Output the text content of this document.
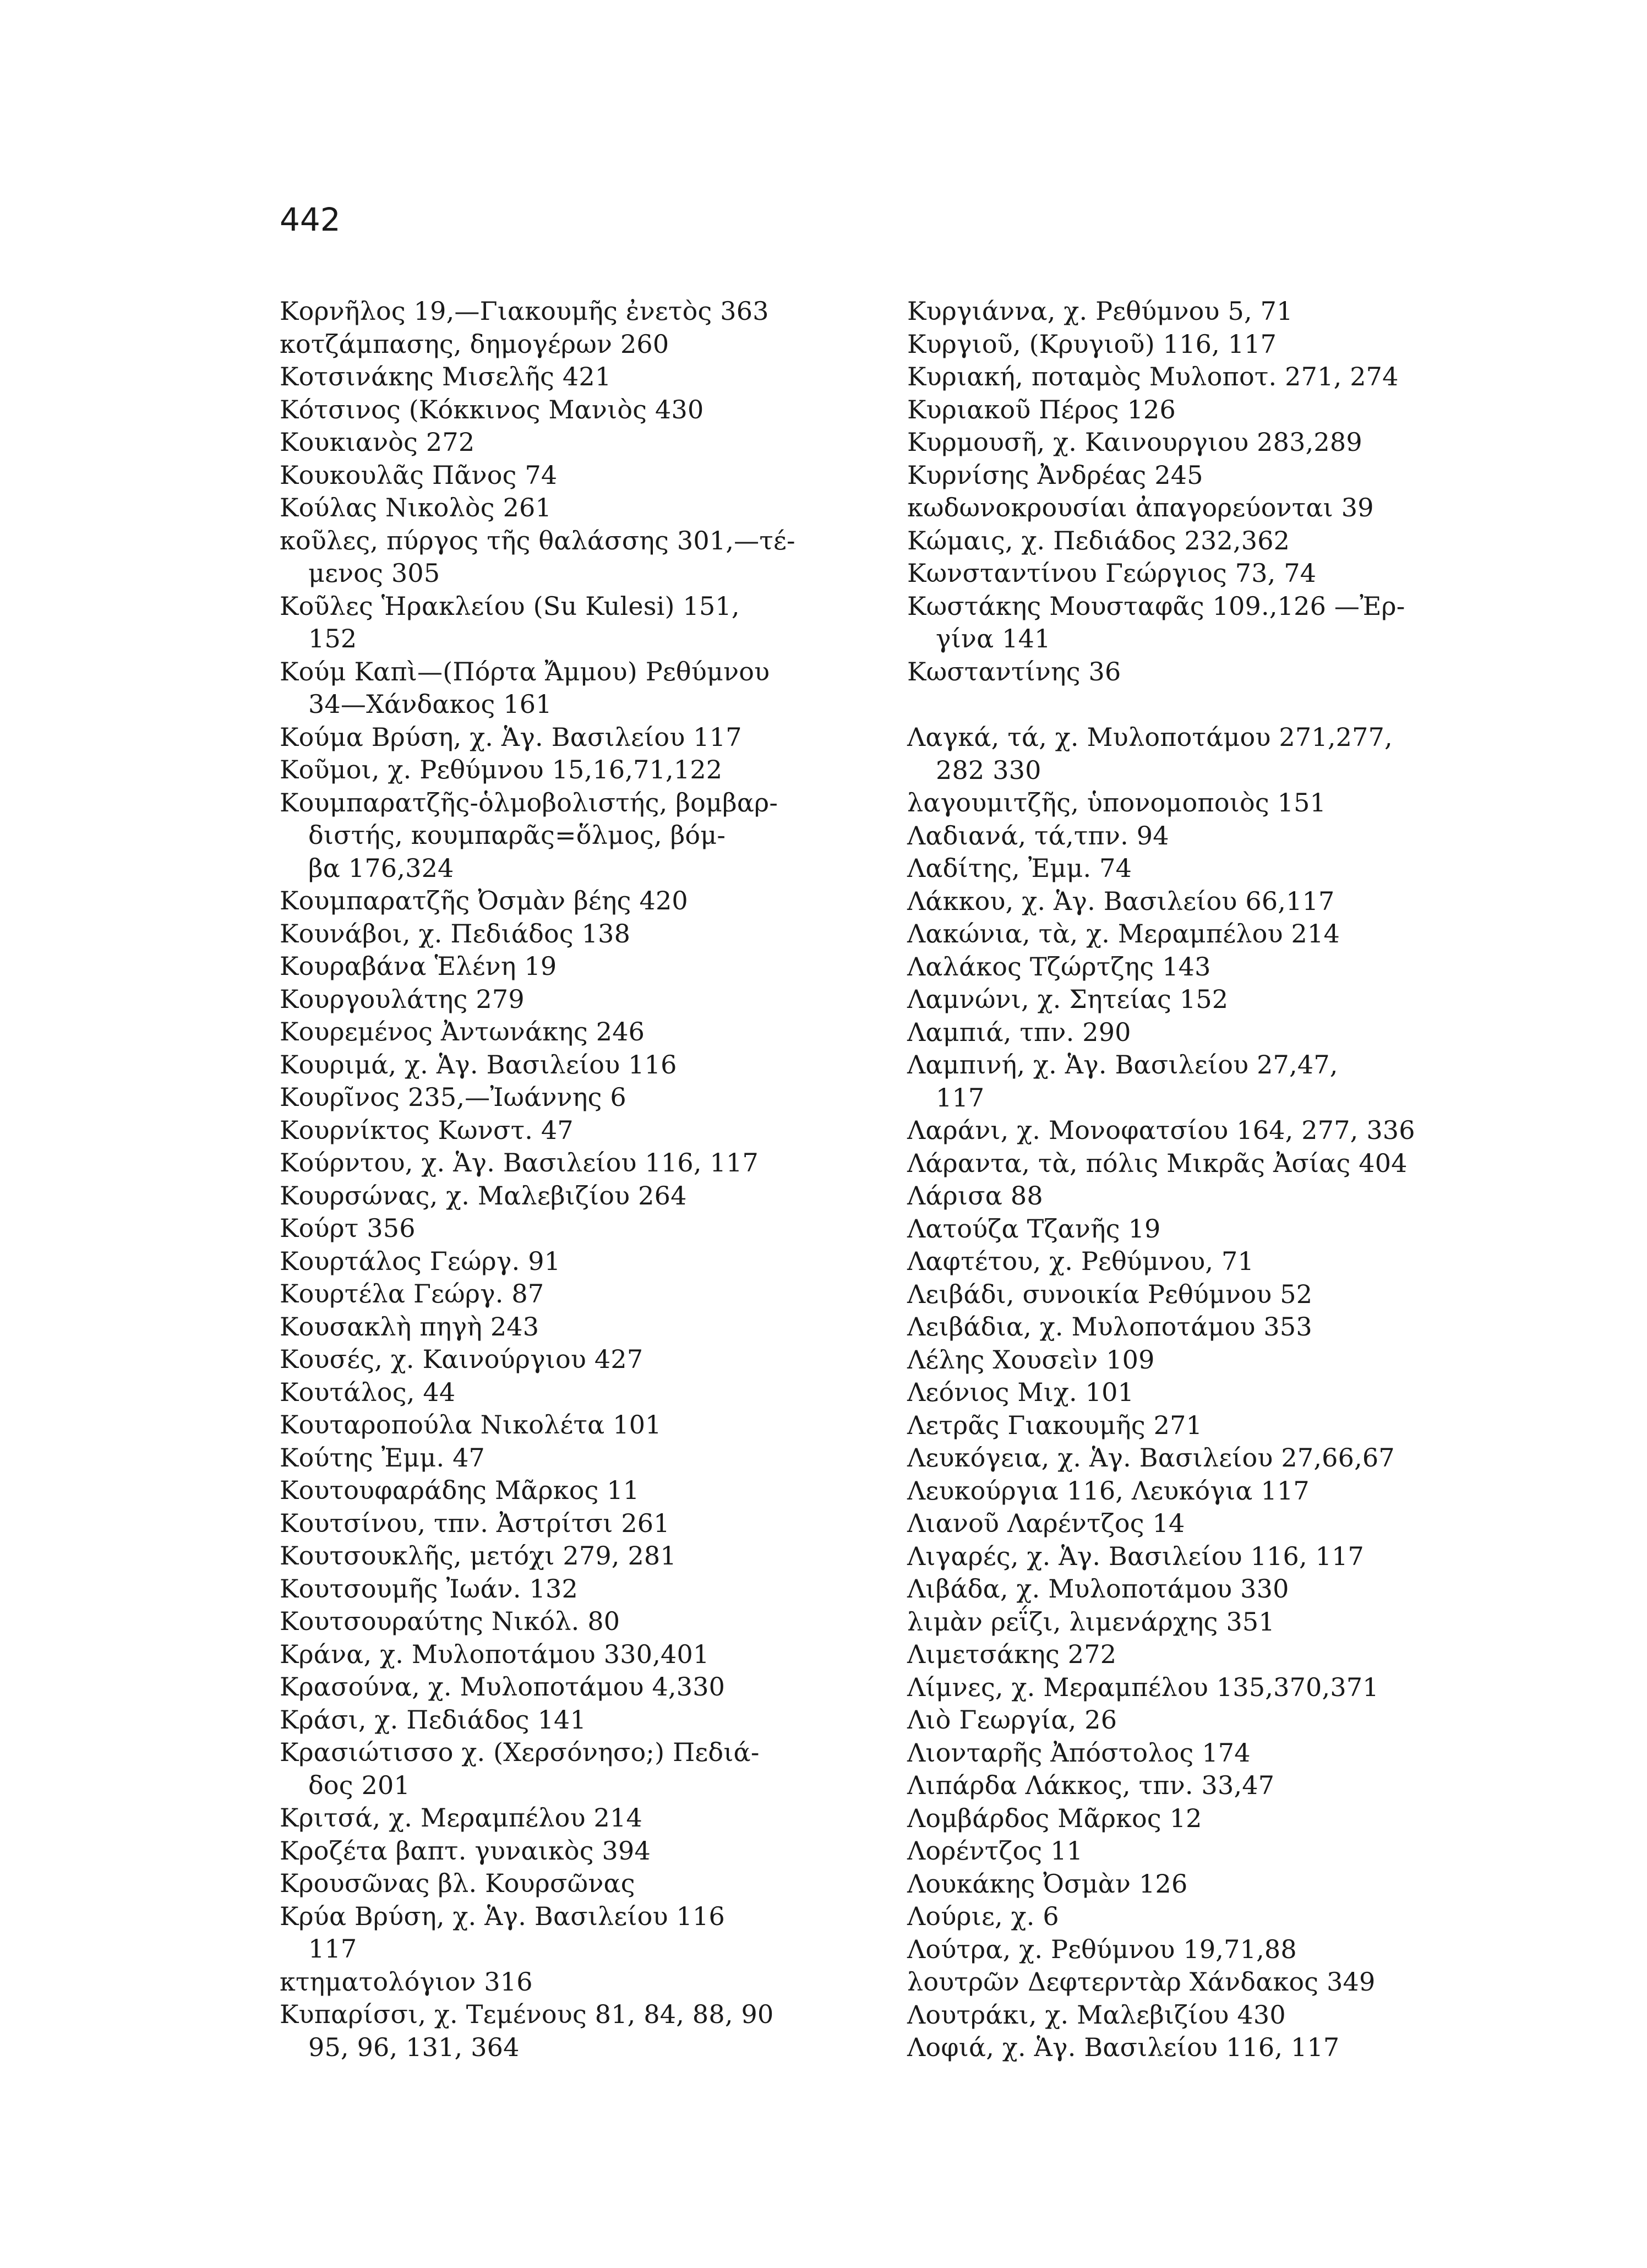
442

Κορνῆλος 19,—Γιακουμῆς ἐνετὸς 363

κοτζάμπασης, δημογέρων 260

Κοτσινάκης Μισελῆς 421

Κότσινος (Κόκκινος Μανιὸς 430

Κουκιανὸς 272

Κουκουλᾶς Πᾶνος 74

Κούλας Νικολὸς 261

κοῦλες, πύργος τῆς θαλάσσης 301,—τέ-
μενος 305

Κοῦλες Ἡρακλείου (Su Kulesi) 151,
152

Κούμ Καπὶ—(Πόρτα Ἄμμου) Ρεθύμνου
34—Χάνδακος 161

Κούμα Βρύση, χ. Ἁγ. Βασιλείου 117

Κοῦμοι, χ. Ρεθύμνου 15,16,71,122

Κουμπαρατζῆς-ὁλμοβολιστής, βομβαρ-
διστής, κουμπαρᾶς=ὅλμος, βόμ-
βα 176,324

Κουμπαρατζῆς Ὀσμὰν βέης 420

Κουνάβοι, χ. Πεδιάδος 138

Κουραβάνα Ἑλένη 19

Κουργουλάτης 279

Κουρεμένος Ἀντωνάκης 246

Κουριμά, χ. Ἁγ. Βασιλείου 116

Κουρῖνος 235,—Ἰωάννης 6

Κουρνίκτος Κωνστ. 47

Κούρντου, χ. Ἁγ. Βασιλείου 116, 117

Κουρσώνας, χ. Μαλεβιζίου 264

Κούρτ 356

Κουρτάλος Γεώργ. 91

Κουρτέλα Γεώργ. 87

Κουσακλὴ πηγὴ 243

Κουσές, χ. Καινούργιου 427

Κουτάλος, 44

Κουταροπούλα Νικολέτα 101

Κούτης Ἐμμ. 47

Κουτουφαράδης Μᾶρκος 11

Κουτσίνου, τπν. Ἀστρίτσι 261

Κουτσουκλῆς, μετόχι 279, 281

Κουτσουμῆς Ἰωάν. 132

Κουτσουραύτης Νικόλ. 80

Κράνα, χ. Μυλοποτάμου 330,401

Κρασούνα, χ. Μυλοποτάμου 4,330

Κράσι, χ. Πεδιάδος 141

Κρασιώτισσο χ. (Χερσόνησο;) Πεδιά-
δος 201

Κριτσά, χ. Μεραμπέλου 214

Κροζέτα βαπτ. γυναικὸς 394

Κρουσῶνας βλ. Κουρσῶνας

Κρύα Βρύση, χ. Ἁγ. Βασιλείου 116
117

κτηματολόγιον 316

Κυπαρίσσι, χ. Τεμένους 81, 84, 88, 90
95, 96, 131, 364

Κυργιάννα, χ. Ρεθύμνου 5, 71

Κυργιοῦ, (Κρυγιοῦ) 116, 117

Κυριακή, ποταμὸς Μυλοποτ. 271, 274

Κυριακοῦ Πέρος 126

Κυρμουσῆ, χ. Καινουργιου 283,289

Κυρνίσης Ἀνδρέας 245

κωδωνοκρουσίαι ἀπαγορεύονται 39

Κώμαις, χ. Πεδιάδος 232,362

Κωνσταντίνου Γεώργιος 73, 74

Κωστάκης Μουσταφᾶς 109.,126 —Ἐρ-
γίνα 141

Κωσταντίνης 36

Λαγκά, τά, χ. Μυλοποτάμου 271,277,
282 330

λαγουμιτζῆς, ὑπονομοποιὸς 151

Λαδιανά, τά,τπν. 94

Λαδίτης, Ἐμμ. 74

Λάκκου, χ. Ἁγ. Βασιλείου 66,117

Λακώνια, τὰ, χ. Μεραμπέλου 214

Λαλάκος Τζώρτζης 143

Λαμνώνι, χ. Σητείας 152

Λαμπιά, τπν. 290

Λαμπινή, χ. Ἁγ. Βασιλείου 27,47,
117

Λαράνι, χ. Μονοφατσίου 164, 277, 336

Λάραντα, τὰ, πόλις Μικρᾶς Ἀσίας 404

Λάρισα 88

Λατούζα Τζανῆς 19

Λαφτέτου, χ. Ρεθύμνου, 71

Λειβάδι, συνοικία Ρεθύμνου 52

Λειβάδια, χ. Μυλοποτάμου 353

Λέλης Χουσεὶν 109

Λεόνιος Μιχ. 101

Λετρᾶς Γιακουμῆς 271

Λευκόγεια, χ. Ἁγ. Βασιλείου 27,66,67

Λευκούργια 116, Λευκόγια 117

Λιανοῦ Λαρέντζος 14

Λιγαρές, χ. Ἁγ. Βασιλείου 116, 117

Λιβάδα, χ. Μυλοποτάμου 330

λιμὰν ρεΐζι, λιμενάρχης 351

Λιμετσάκης 272

Λίμνες, χ. Μεραμπέλου 135,370,371

Λιὸ Γεωργία, 26

Λιονταρῆς Ἀπόστολος 174

Λιπάρδα Λάκκος, τπν. 33,47

Λομβάρδος Μᾶρκος 12

Λορέντζος 11

Λουκάκης Ὀσμὰν 126

Λούριε, χ. 6

Λούτρα, χ. Ρεθύμνου 19,71,88

λουτρῶν Δεφτερντὰρ Χάνδακος 349

Λουτράκι, χ. Μαλεβιζίου 430

Λοφιά, χ. Ἁγ. Βασιλείου 116, 117
